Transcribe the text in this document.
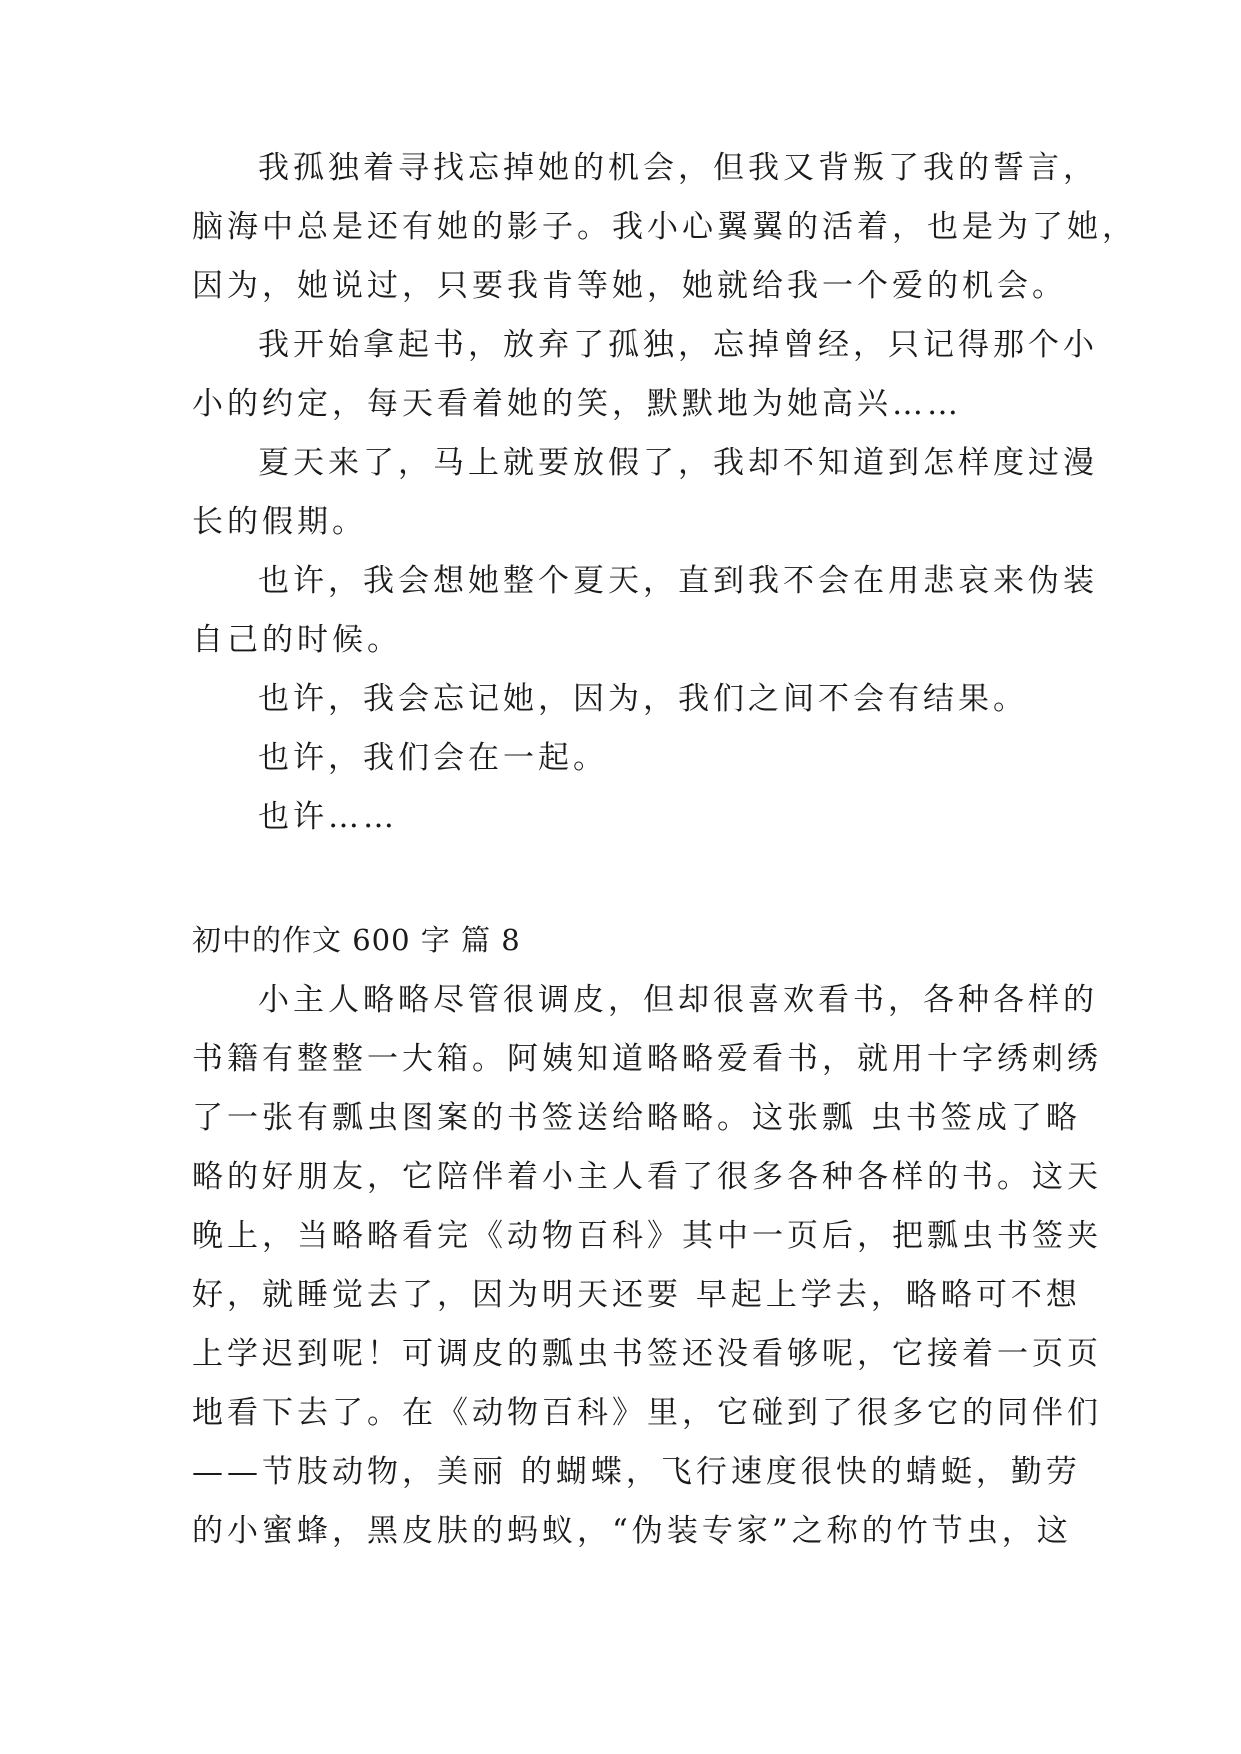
我孤独着寻找忘掉她的机会，但我又背叛了我的誓言，
脑海中总是还有她的影子。我小心翼翼的活着，也是为了她，
因为，她说过，只要我肯等她，她就给我一个爱的机会。
我开始拿起书，放弃了孤独，忘掉曾经，只记得那个小
小的约定，每天看着她的笑，默默地为她高兴……
夏天来了，马上就要放假了，我却不知道到怎样度过漫
长的假期。
也许，我会想她整个夏天，直到我不会在用悲哀来伪装
自己的时候。
也许，我会忘记她，因为，我们之间不会有结果。
也许，我们会在一起。
也许……
初中的作文 600 字 篇 8
小主人略略尽管很调皮，但却很喜欢看书，各种各样的
书籍有整整一大箱。阿姨知道略略爱看书，就用十字绣刺绣
了一张有瓢虫图案的书签送给略略。这张瓢 虫书签成了略
略的好朋友，它陪伴着小主人看了很多各种各样的书。这天
晚上，当略略看完《动物百科》其中一页后，把瓢虫书签夹
好，就睡觉去了，因为明天还要 早起上学去，略略可不想
上学迟到呢！可调皮的瓢虫书签还没看够呢，它接着一页页
地看下去了。在《动物百科》里，它碰到了很多它的同伴们
——节肢动物，美丽 的蝴蝶，飞行速度很快的蜻蜓，勤劳
的小蜜蜂，黑皮肤的蚂蚁，“伪装专家”之称的竹节虫，这
